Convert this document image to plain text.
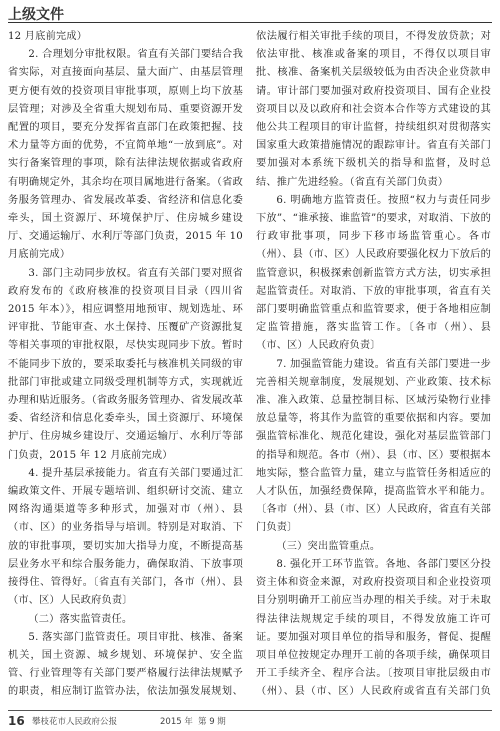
上级文件

12 月底前完成）

2. 合理划分审批权限。省直有关部门要结合我省实际，对直接面向基层、量大面广、由基层管理更方便有效的投资项目审批事项，原则上均下放基层管理；对涉及全省重大规划布局、重要资源开发配置的项目，要充分发挥省直部门在政策把握、技术力量等方面的优势，不宜简单地“一放到底”。对实行备案管理的事项，除有法律法规依据或省政府有明确规定外，其余均在项目属地进行备案。（省政务服务管理办、省发展改革委、省经济和信息化委牵头，国土资源厅、环境保护厅、住房城乡建设厅、交通运输厅、水利厅等部门负责，2015 年 10 月底前完成）

3. 部门主动同步放权。省直有关部门要对照省政府发布的《政府核准的投资项目目录（四川省 2015 年本）》，相应调整用地预审、规划选址、环评审批、节能审查、水土保持、压覆矿产资源批复等相关事项的审批权限，尽快实现同步下放。暂时不能同步下放的，要采取委托与核准机关同级的审批部门审批或建立同级受理机制等方式，实现就近办理和贴近服务。（省政务服务管理办、省发展改革委、省经济和信息化委牵头，国土资源厅、环境保护厅、住房城乡建设厅、交通运输厅、水利厅等部门负责，2015 年 12 月底前完成）

4. 提升基层承接能力。省直有关部门要通过汇编政策文件、开展专题培训、组织研讨交流、建立网络沟通渠道等多种形式，加强对市（州）、县（市、区）的业务指导与培训。特别是对取消、下放的审批事项，要切实加大指导力度，不断提高基层业务水平和综合服务能力，确保取消、下放事项接得住、管得好。〔省直有关部门，各市（州）、县（市、区）人民政府负责〕

（二）落实监管责任。

5. 落实部门监管责任。项目审批、核准、备案机关，国土资源、城乡规划、环境保护、安全监管、行业管理等有关部门要严格履行法律法规赋予的职责，相应制订监管办法，依法加强发展规划、

依法履行相关审批手续的项目，不得发放贷款；对依法审批、核准或备案的项目，不得仅以项目审批、核准、备案机关层级较低为由否决企业贷款申请。审计部门要加强对政府投资项目、国有企业投资项目以及以政府和社会资本合作等方式建设的其他公共工程项目的审计监督，持续组织对贯彻落实国家重大政策措施情况的跟踪审计。省直有关部门要加强对本系统下级机关的指导和监督，及时总结、推广先进经验。（省直有关部门负责）

6. 明确地方监管责任。按照“权力与责任同步下放”、“谁承接、谁监管”的要求，对取消、下放的行政审批事项，同步下移市场监管重心。各市（州）、县（市、区）人民政府要强化权力下放后的监管意识，积极探索创新监管方式方法，切实承担起监管责任。对取消、下放的审批事项，省直有关部门要明确监管重点和监管要求，便于各地相应制定监管措施，落实监管工作。〔各市（州）、县（市、区）人民政府负责〕

7. 加强监管能力建设。省直有关部门要进一步完善相关规章制度，发展规划、产业政策、技术标准、准入政策、总量控制目标、区域污染物行业排放总量等，将其作为监管的重要依据和内容。要加强监管标准化、规范化建设，强化对基层监管部门的指导和规范。各市（州）、县（市、区）要根据本地实际，整合监管力量，建立与监管任务相适应的人才队伍，加强经费保障，提高监管水平和能力。〔各市（州）、县（市、区）人民政府，省直有关部门负责〕

（三）突出监管重点。

8. 强化开工环节监管。各地、各部门要区分投资主体和资金来源，对政府投资项目和企业投资项目分别明确开工前应当办理的相关手续。对于未取得法律法规规定手续的项目，不得发放施工许可证。要加强对项目单位的指导和服务，督促、提醒项目单位按规定办理开工前的各项手续，确保项目开工手续齐全、程序合法。〔按项目审批层级由市（州）、县（市、区）人民政府或省直有关部门负

16 攀枝花市人民政府公报	2015 年 第 9 期
